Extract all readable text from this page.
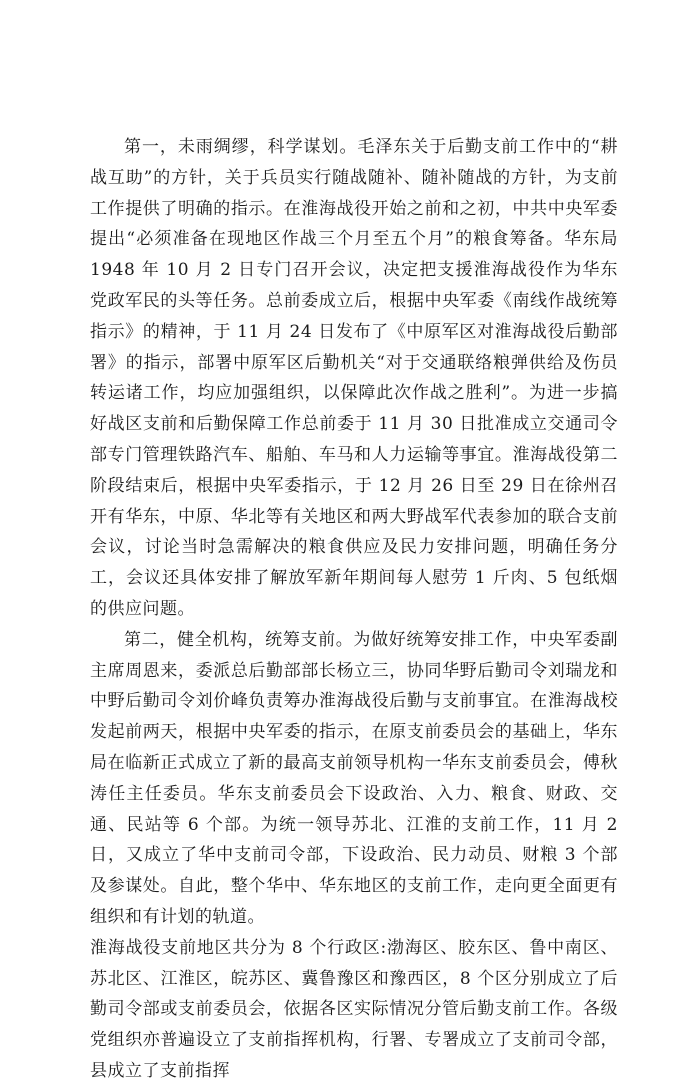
第一，未雨绸缪，科学谋划。毛泽东关于后勤支前工作中的“耕战互助”的方针，关于兵员实行随战随补、随补随战的方针，为支前工作提供了明确的指示。在淮海战役开始之前和之初，中共中央军委提出“必须准备在现地区作战三个月至五个月”的粮食筹备。华东局 1948 年 10 月 2 日专门召开会议，决定把支援淮海战役作为华东党政军民的头等任务。总前委成立后，根据中央军委《南线作战统筹指示》的精神，于 11 月 24 日发布了《中原军区对淮海战役后勤部署》的指示，部署中原军区后勤机关“对于交通联络粮弹供给及伤员转运诸工作，均应加强组织，以保障此次作战之胜利”。为进一步搞好战区支前和后勤保障工作总前委于 11 月 30 日批准成立交通司令部专门管理铁路汽车、船舶、车马和人力运输等事宜。淮海战役第二阶段结束后，根据中央军委指示，于 12 月 26 日至 29 日在徐州召开有华东，中原、华北等有关地区和两大野战军代表参加的联合支前会议，讨论当时急需解决的粮食供应及民力安排问题，明确任务分工，会议还具体安排了解放军新年期间每人慰劳 1 斤肉、5 包纸烟的供应问题。

第二，健全机构，统筹支前。为做好统筹安排工作，中央军委副主席周恩来，委派总后勤部部长杨立三，协同华野后勤司令刘瑞龙和中野后勤司令刘价峰负责筹办淮海战役后勤与支前事宜。在淮海战校发起前两天，根据中央军委的指示，在原支前委员会的基础上，华东局在临新正式成立了新的最高支前领导机构一华东支前委员会，傅秋涛任主任委员。华东支前委员会下设政治、入力、粮食、财政、交通、民站等 6 个部。为统一领导苏北、江淮的支前工作，11 月 2 日，又成立了华中支前司令部，下设政治、民力动员、财粮 3 个部及参谋处。自此，整个华中、华东地区的支前工作，走向更全面更有组织和有计划的轨道。

淮海战役支前地区共分为 8 个行政区:渤海区、胶东区、鲁中南区、苏北区、江淮区，皖苏区、冀鲁豫区和豫西区，8 个区分别成立了后勤司令部或支前委员会，依据各区实际情况分管后勤支前工作。各级党组织亦普遍设立了支前指挥机构，行署、专署成立了支前司令部，县成立了支前指挥
